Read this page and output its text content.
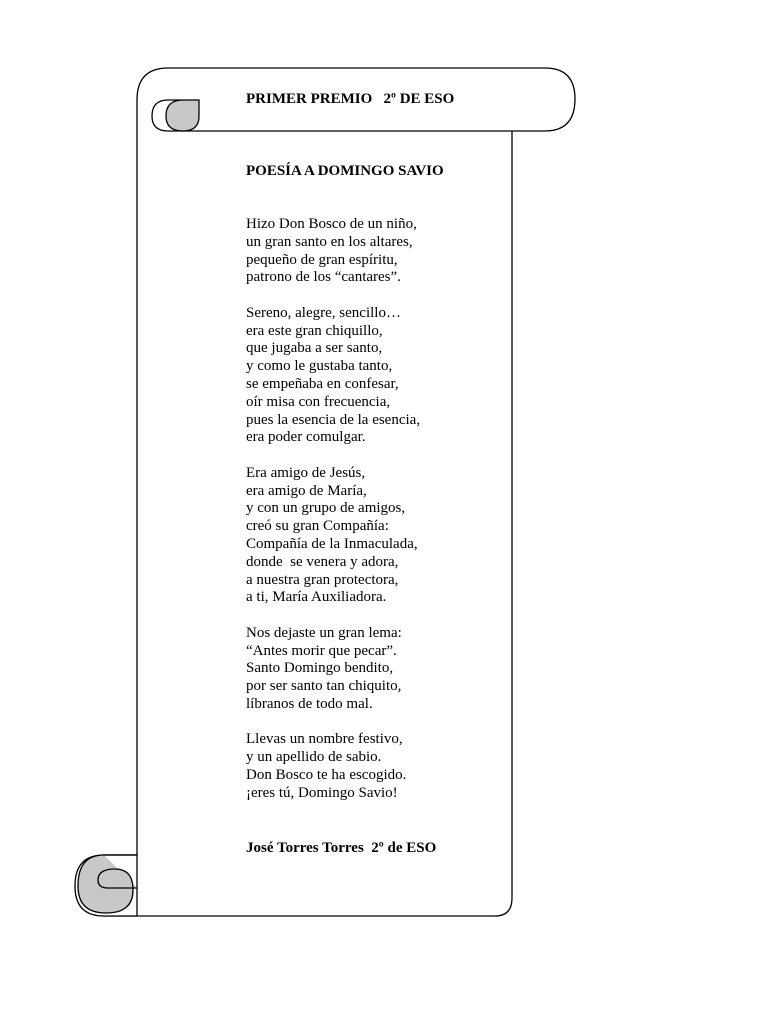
PRIMER PREMIO   2º DE ESO
POESÍA A DOMINGO SAVIO
Hizo Don Bosco de un niño,
un gran santo en los altares,
pequeño de gran espíritu,
patrono de los “cantares”.
Sereno, alegre, sencillo…
era este gran chiquillo,
que jugaba a ser santo,
y como le gustaba tanto,
se empeñaba en confesar,
oír misa con frecuencia,
pues la esencia de la esencia,
era poder comulgar.
Era amigo de Jesús,
era amigo de María,
y con un grupo de amigos,
creó su gran Compañía:
Compañía de la Inmaculada,
donde  se venera y adora,
a nuestra gran protectora,
a ti, María Auxiliadora.
Nos dejaste un gran lema:
“Antes morir que pecar”.
Santo Domingo bendito,
por ser santo tan chiquito,
líbranos de todo mal.
Llevas un nombre festivo,
y un apellido de sabio.
Don Bosco te ha escogido.
¡eres tú, Domingo Savio!
José Torres Torres  2º de ESO
